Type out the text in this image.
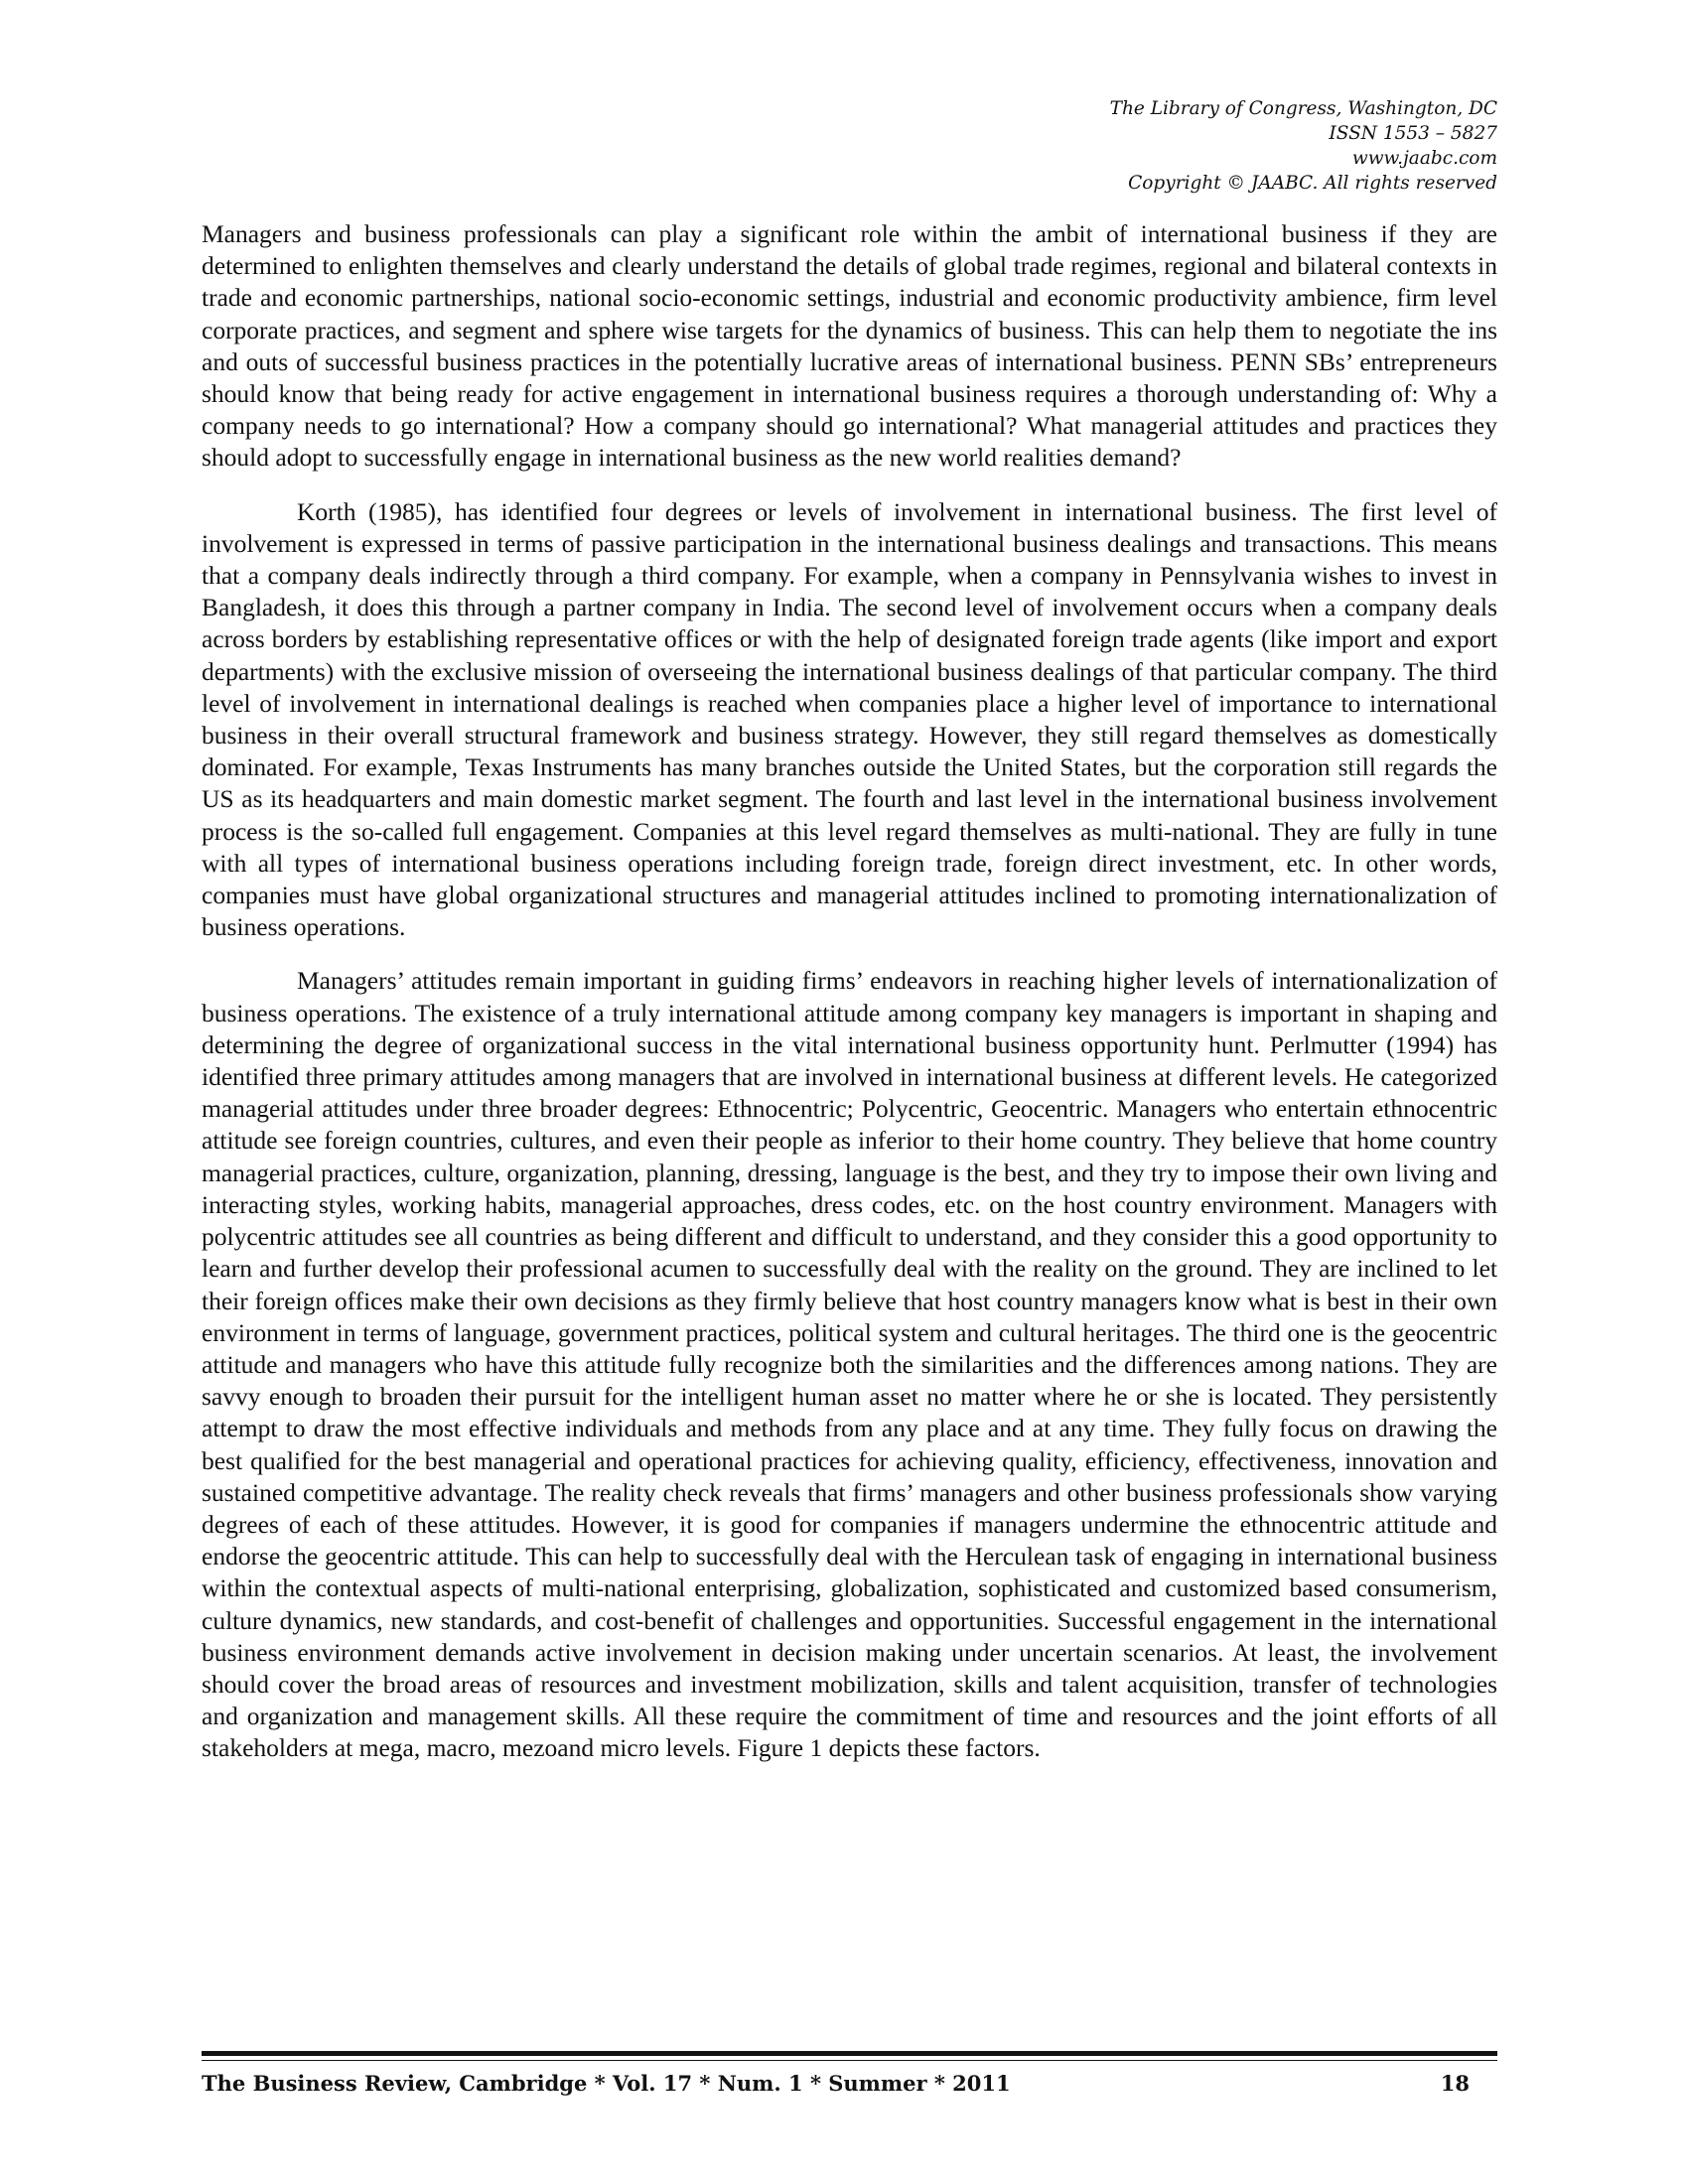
The Library of Congress, Washington, DC
ISSN 1553 – 5827
www.jaabc.com
Copyright © JAABC. All rights reserved

Managers and business professionals can play a significant role within the ambit of international business if they are determined to enlighten themselves and clearly understand the details of global trade regimes, regional and bilateral contexts in trade and economic partnerships, national socio-economic settings, industrial and economic productivity ambience, firm level corporate practices, and segment and sphere wise targets for the dynamics of business. This can help them to negotiate the ins and outs of successful business practices in the potentially lucrative areas of international business. PENN SBs’ entrepreneurs should know that being ready for active engagement in international business requires a thorough understanding of: Why a company needs to go international? How a company should go international? What managerial attitudes and practices they should adopt to successfully engage in international business as the new world realities demand?

Korth (1985), has identified four degrees or levels of involvement in international business. The first level of involvement is expressed in terms of passive participation in the international business dealings and transactions. This means that a company deals indirectly through a third company. For example, when a company in Pennsylvania wishes to invest in Bangladesh, it does this through a partner company in India. The second level of involvement occurs when a company deals across borders by establishing representative offices or with the help of designated foreign trade agents (like import and export departments) with the exclusive mission of overseeing the international business dealings of that particular company. The third level of involvement in international dealings is reached when companies place a higher level of importance to international business in their overall structural framework and business strategy. However, they still regard themselves as domestically dominated. For example, Texas Instruments has many branches outside the United States, but the corporation still regards the US as its headquarters and main domestic market segment. The fourth and last level in the international business involvement process is the so-called full engagement. Companies at this level regard themselves as multi-national. They are fully in tune with all types of international business operations including foreign trade, foreign direct investment, etc. In other words, companies must have global organizational structures and managerial attitudes inclined to promoting internationalization of business operations.

Managers’ attitudes remain important in guiding firms’ endeavors in reaching higher levels of internationalization of business operations. The existence of a truly international attitude among company key managers is important in shaping and determining the degree of organizational success in the vital international business opportunity hunt. Perlmutter (1994) has identified three primary attitudes among managers that are involved in international business at different levels. He categorized managerial attitudes under three broader degrees: Ethnocentric; Polycentric, Geocentric. Managers who entertain ethnocentric attitude see foreign countries, cultures, and even their people as inferior to their home country. They believe that home country managerial practices, culture, organization, planning, dressing, language is the best, and they try to impose their own living and interacting styles, working habits, managerial approaches, dress codes, etc. on the host country environment. Managers with polycentric attitudes see all countries as being different and difficult to understand, and they consider this a good opportunity to learn and further develop their professional acumen to successfully deal with the reality on the ground. They are inclined to let their foreign offices make their own decisions as they firmly believe that host country managers know what is best in their own environment in terms of language, government practices, political system and cultural heritages. The third one is the geocentric attitude and managers who have this attitude fully recognize both the similarities and the differences among nations. They are savvy enough to broaden their pursuit for the intelligent human asset no matter where he or she is located. They persistently attempt to draw the most effective individuals and methods from any place and at any time. They fully focus on drawing the best qualified for the best managerial and operational practices for achieving quality, efficiency, effectiveness, innovation and sustained competitive advantage. The reality check reveals that firms’ managers and other business professionals show varying degrees of each of these attitudes. However, it is good for companies if managers undermine the ethnocentric attitude and endorse the geocentric attitude. This can help to successfully deal with the Herculean task of engaging in international business within the contextual aspects of multi-national enterprising, globalization, sophisticated and customized based consumerism, culture dynamics, new standards, and cost-benefit of challenges and opportunities. Successful engagement in the international business environment demands active involvement in decision making under uncertain scenarios. At least, the involvement should cover the broad areas of resources and investment mobilization, skills and talent acquisition, transfer of technologies and organization and management skills. All these require the commitment of time and resources and the joint efforts of all stakeholders at mega, macro, mezoand micro levels. Figure 1 depicts these factors.

The Business Review, Cambridge * Vol. 17 * Num. 1 * Summer * 2011	18
